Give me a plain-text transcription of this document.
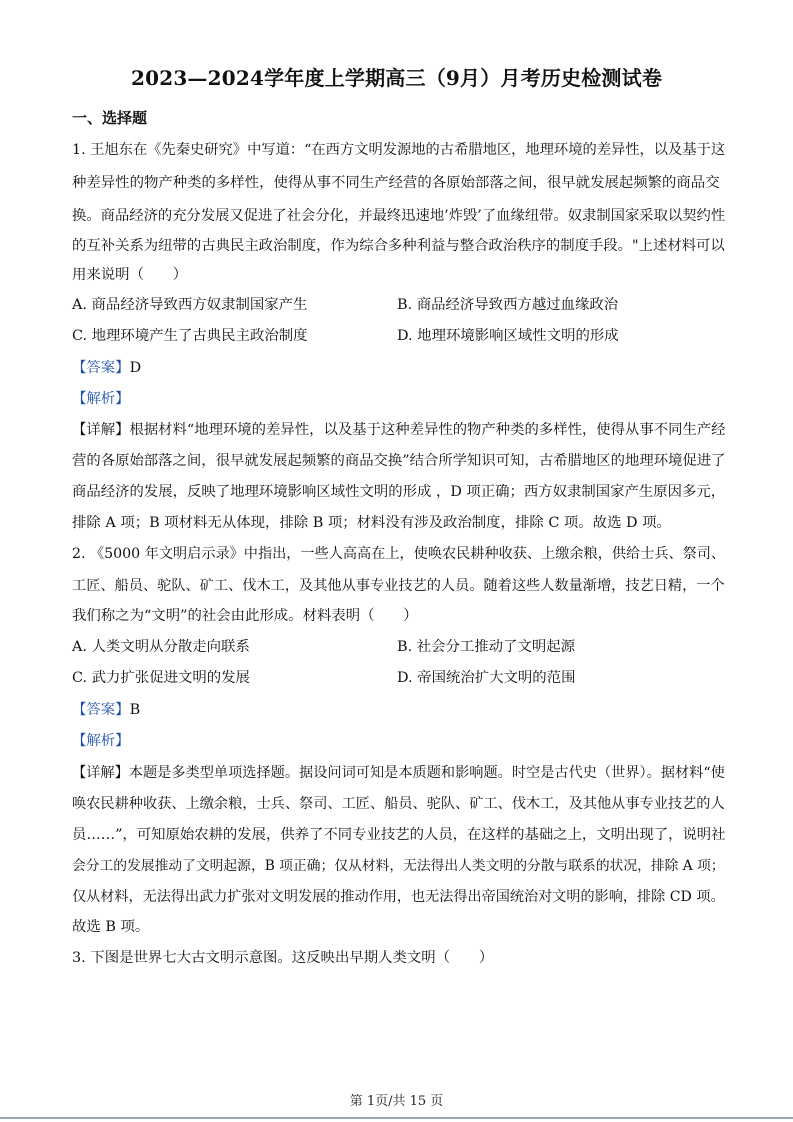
2023—2024学年度上学期高三（9月）月考历史检测试卷
一、选择题
1. 王旭东在《先秦史研究》中写道：“在西方文明发源地的古希腊地区，地理环境的差异性，以及基于这
种差异性的物产种类的多样性，使得从事不同生产经营的各原始部落之间，很早就发展起频繁的商品交
换。商品经济的充分发展又促进了社会分化，并最终迅速地’炸毁’了血缘纽带。奴隶制国家采取以契约性
的互补关系为纽带的古典民主政治制度，作为综合多种利益与整合政治秩序的制度手段。"上述材料可以
用来说明（　　）
A. 商品经济导致西方奴隶制国家产生	B. 商品经济导致西方越过血缘政治
C. 地理环境产生了古典民主政治制度	D. 地理环境影响区域性文明的形成
【答案】D
【解析】
【详解】根据材料“地理环境的差异性，以及基于这种差异性的物产种类的多样性，使得从事不同生产经
营的各原始部落之间，很早就发展起频繁的商品交换”结合所学知识可知，古希腊地区的地理环境促进了
商品经济的发展，反映了地理环境影响区域性文明的形成 ，D 项正确；西方奴隶制国家产生原因多元，
排除 A 项；B 项材料无从体现，排除 B 项；材料没有涉及政治制度，排除 C 项。故选 D 项。
2. 《5000 年文明启示录》中指出，一些人高高在上，使唤农民耕种收获、上缴余粮，供给士兵、祭司、
工匠、船员、驼队、矿工、伐木工，及其他从事专业技艺的人员。随着这些人数量渐增，技艺日精，一个
我们称之为“文明”的社会由此形成。材料表明（　　）
A. 人类文明从分散走向联系	B. 社会分工推动了文明起源
C. 武力扩张促进文明的发展	D. 帝国统治扩大文明的范围
【答案】B
【解析】
【详解】本题是多类型单项选择题。据设问词可知是本质题和影响题。时空是古代史（世界）。据材料“使
唤农民耕种收获、上缴余粮，士兵、祭司、工匠、船员、驼队、矿工、伐木工，及其他从事专业技艺的人
员……”，可知原始农耕的发展，供养了不同专业技艺的人员，在这样的基础之上，文明出现了，说明社
会分工的发展推动了文明起源，B 项正确；仅从材料，无法得出人类文明的分散与联系的状况，排除 A 项；
仅从材料，无法得出武力扩张对文明发展的推动作用，也无法得出帝国统治对文明的影响，排除 CD 项。
故选 B 项。
3. 下图是世界七大古文明示意图。这反映出早期人类文明（　　）
第 1页/共 15 页
